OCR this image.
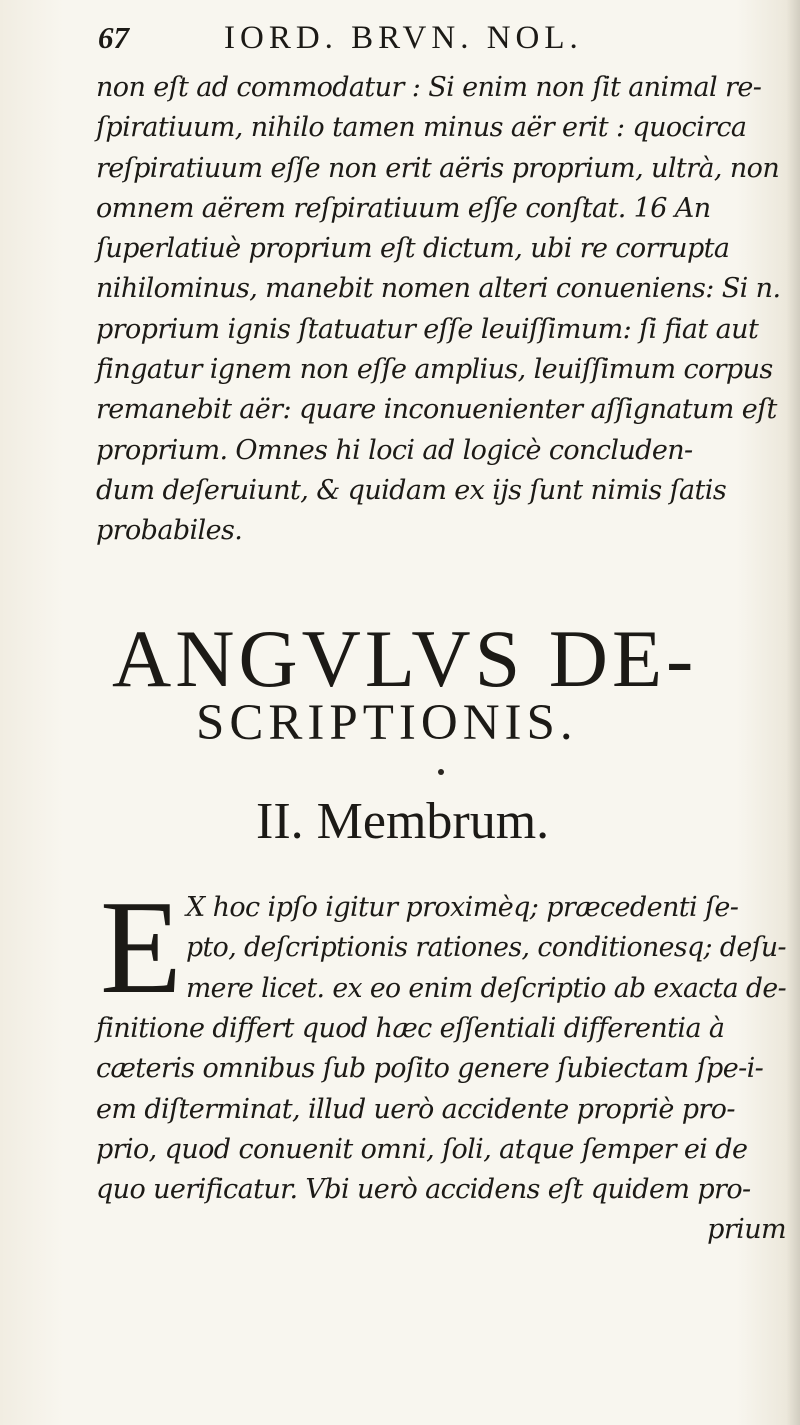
67	IORD. BRVN. NOL.
non eſt ad commodatur : Si enim non ſit animal re-
ſpiratiuum, nihilo tamen minus aër erit : quocirca
reſpiratiuum eſſe non erit aëris proprium, ultrà, non
omnem aërem reſpiratiuum eſſe conſtat. 16 An
ſuperlatiuè proprium eſt dictum, ubi re corrupta
nihilominus, manebit nomen alteri conueniens: Si n.
proprium ignis ſtatuatur eſſe leuiſſimum: ſi fiat aut
fingatur ignem non eſſe amplius, leuiſſimum corpus
remanebit aër: quare inconuenienter aſſignatum eſt
proprium. Omnes hi loci ad logicè concluden-
dum deſeruiunt, & quidam ex ijs ſunt nimis ſatis
probabiles.
ANGVLVS DE-
SCRIPTIONIS.
II. Membrum.
E X hoc ipſo igitur proximèq; præcedenti ſe-
pto, deſcriptionis rationes, conditionesq; deſu-
mere licet. ex eo enim deſcriptio ab exacta de-
finitione differt quod hæc eſſentiali differentia à
cæteris omnibus ſub poſito genere ſubiectam ſpe-i-
em diſterminat, illud uerò accidente propriè pro-
prio, quod conuenit omni, ſoli, atque ſemper ei de
quo uerificatur. Vbi uerò accidens eſt quidem pro-
prium
